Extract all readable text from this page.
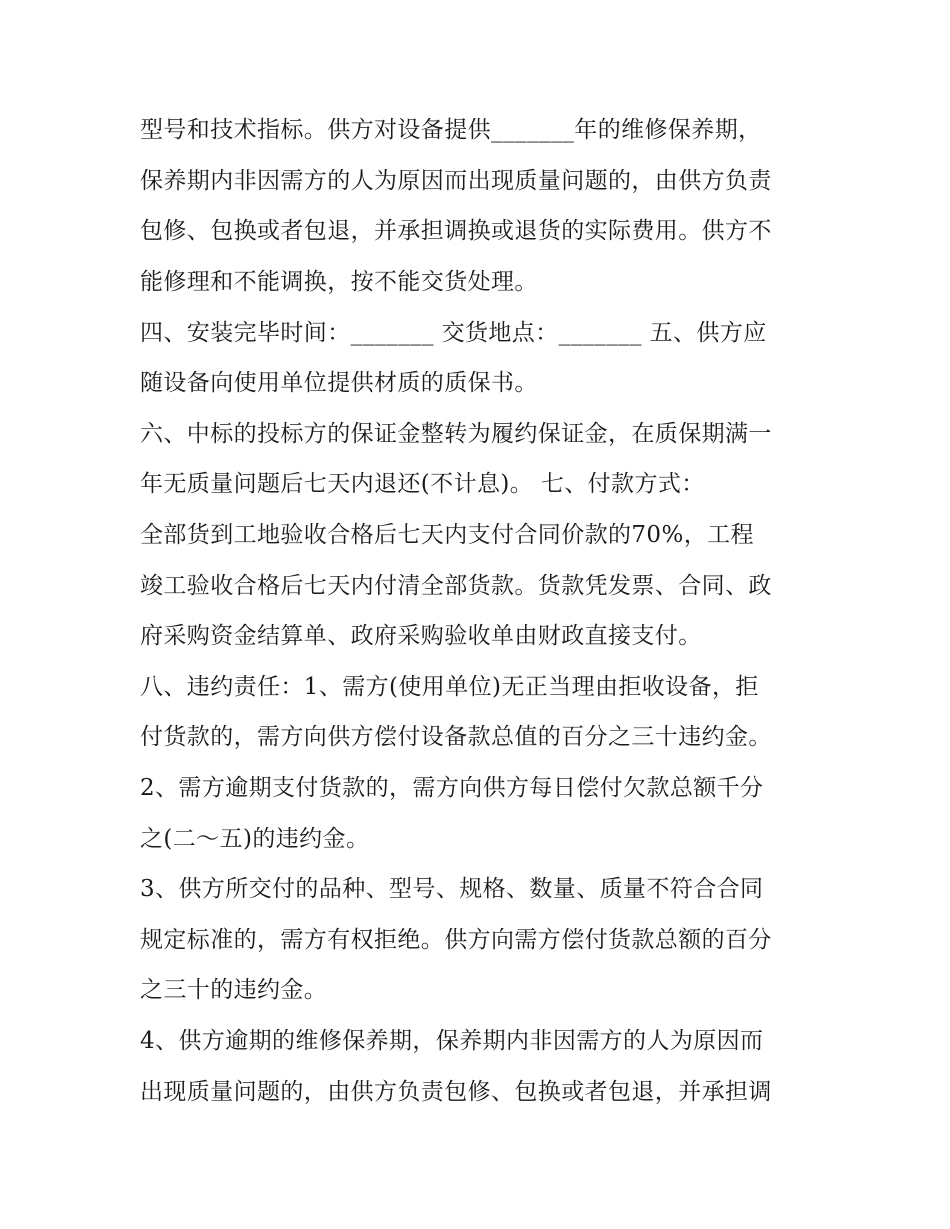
型号和技术指标。供方对设备提供_______年的维修保养期，

保养期内非因需方的人为原因而出现质量问题的，由供方负责

包修、包换或者包退，并承担调换或退货的实际费用。供方不

能修理和不能调换，按不能交货处理。

四、安装完毕时间：_______ 交货地点：_______ 五、供方应

随设备向使用单位提供材质的质保书。

六、中标的投标方的保证金整转为履约保证金，在质保期满一

年无质量问题后七天内退还(不计息)。 七、付款方式：

全部货到工地验收合格后七天内支付合同价款的70%，工程

竣工验收合格后七天内付清全部货款。货款凭发票、合同、政

府采购资金结算单、政府采购验收单由财政直接支付。

八、违约责任：1、需方(使用单位)无正当理由拒收设备，拒

付货款的，需方向供方偿付设备款总值的百分之三十违约金。

2、需方逾期支付货款的，需方向供方每日偿付欠款总额千分

之(二～五)的违约金。

3、供方所交付的品种、型号、规格、数量、质量不符合合同

规定标准的，需方有权拒绝。供方向需方偿付货款总额的百分

之三十的违约金。

4、供方逾期的维修保养期，保养期内非因需方的人为原因而

出现质量问题的，由供方负责包修、包换或者包退，并承担调
